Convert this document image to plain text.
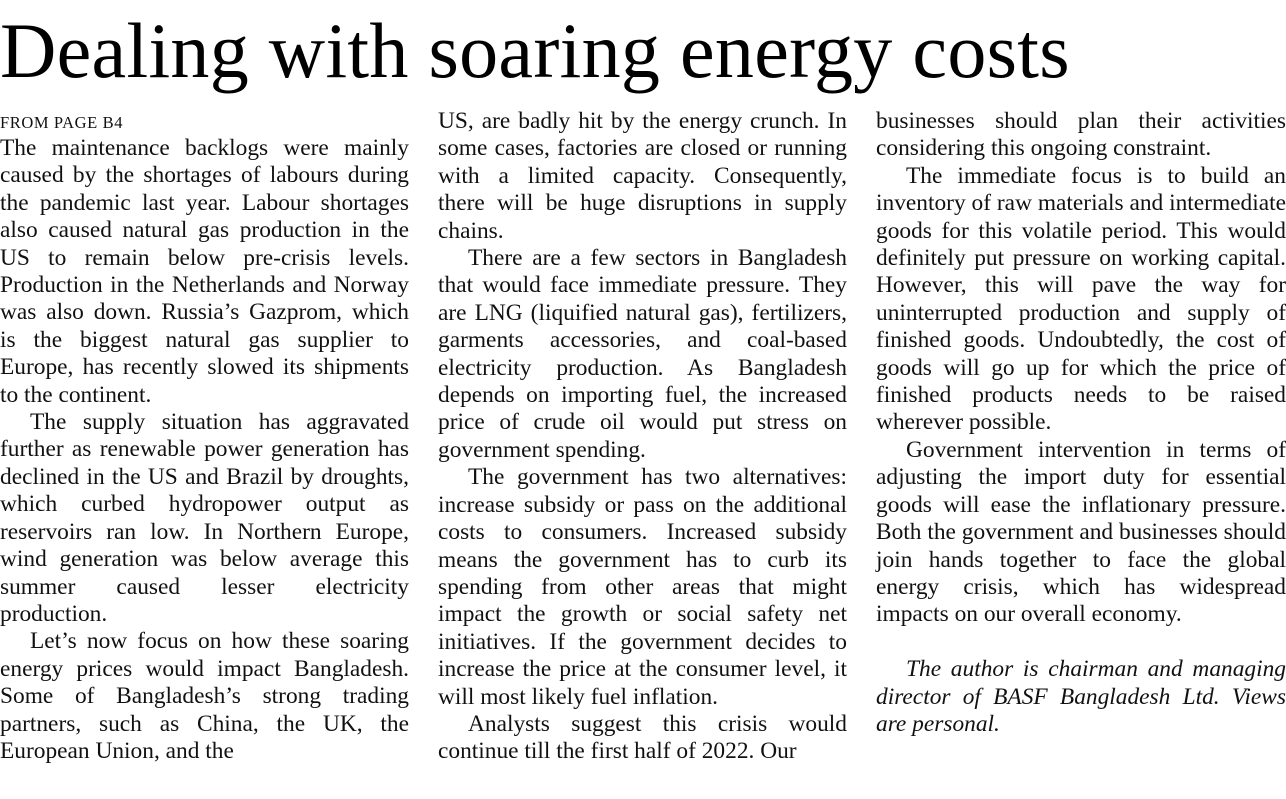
Dealing with soaring energy costs
FROM PAGE B4

The maintenance backlogs were mainly caused by the shortages of labours during the pandemic last year. Labour shortages also caused natural gas production in the US to remain below pre-crisis levels. Production in the Netherlands and Norway was also down. Russia’s Gazprom, which is the biggest natural gas supplier to Europe, has recently slowed its shipments to the continent.

The supply situation has aggravated further as renewable power generation has declined in the US and Brazil by droughts, which curbed hydropower output as reservoirs ran low. In Northern Europe, wind generation was below average this summer caused lesser electricity production.

Let’s now focus on how these soaring energy prices would impact Bangladesh. Some of Bangladesh’s strong trading partners, such as China, the UK, the European Union, and the

US, are badly hit by the energy crunch. In some cases, factories are closed or running with a limited capacity. Consequently, there will be huge disruptions in supply chains.

There are a few sectors in Bangladesh that would face immediate pressure. They are LNG (liquified natural gas), fertilizers, garments accessories, and coal-based electricity production. As Bangladesh depends on importing fuel, the increased price of crude oil would put stress on government spending.

The government has two alternatives: increase subsidy or pass on the additional costs to consumers. Increased subsidy means the government has to curb its spending from other areas that might impact the growth or social safety net initiatives. If the government decides to increase the price at the consumer level, it will most likely fuel inflation.

Analysts suggest this crisis would continue till the first half of 2022. Our

businesses should plan their activities considering this ongoing constraint.

The immediate focus is to build an inventory of raw materials and intermediate goods for this volatile period. This would definitely put pressure on working capital. However, this will pave the way for uninterrupted production and supply of finished goods. Undoubtedly, the cost of goods will go up for which the price of finished products needs to be raised wherever possible.

Government intervention in terms of adjusting the import duty for essential goods will ease the inflationary pressure. Both the government and businesses should join hands together to face the global energy crisis, which has widespread impacts on our overall economy.

The author is chairman and managing director of BASF Bangladesh Ltd. Views are personal.
